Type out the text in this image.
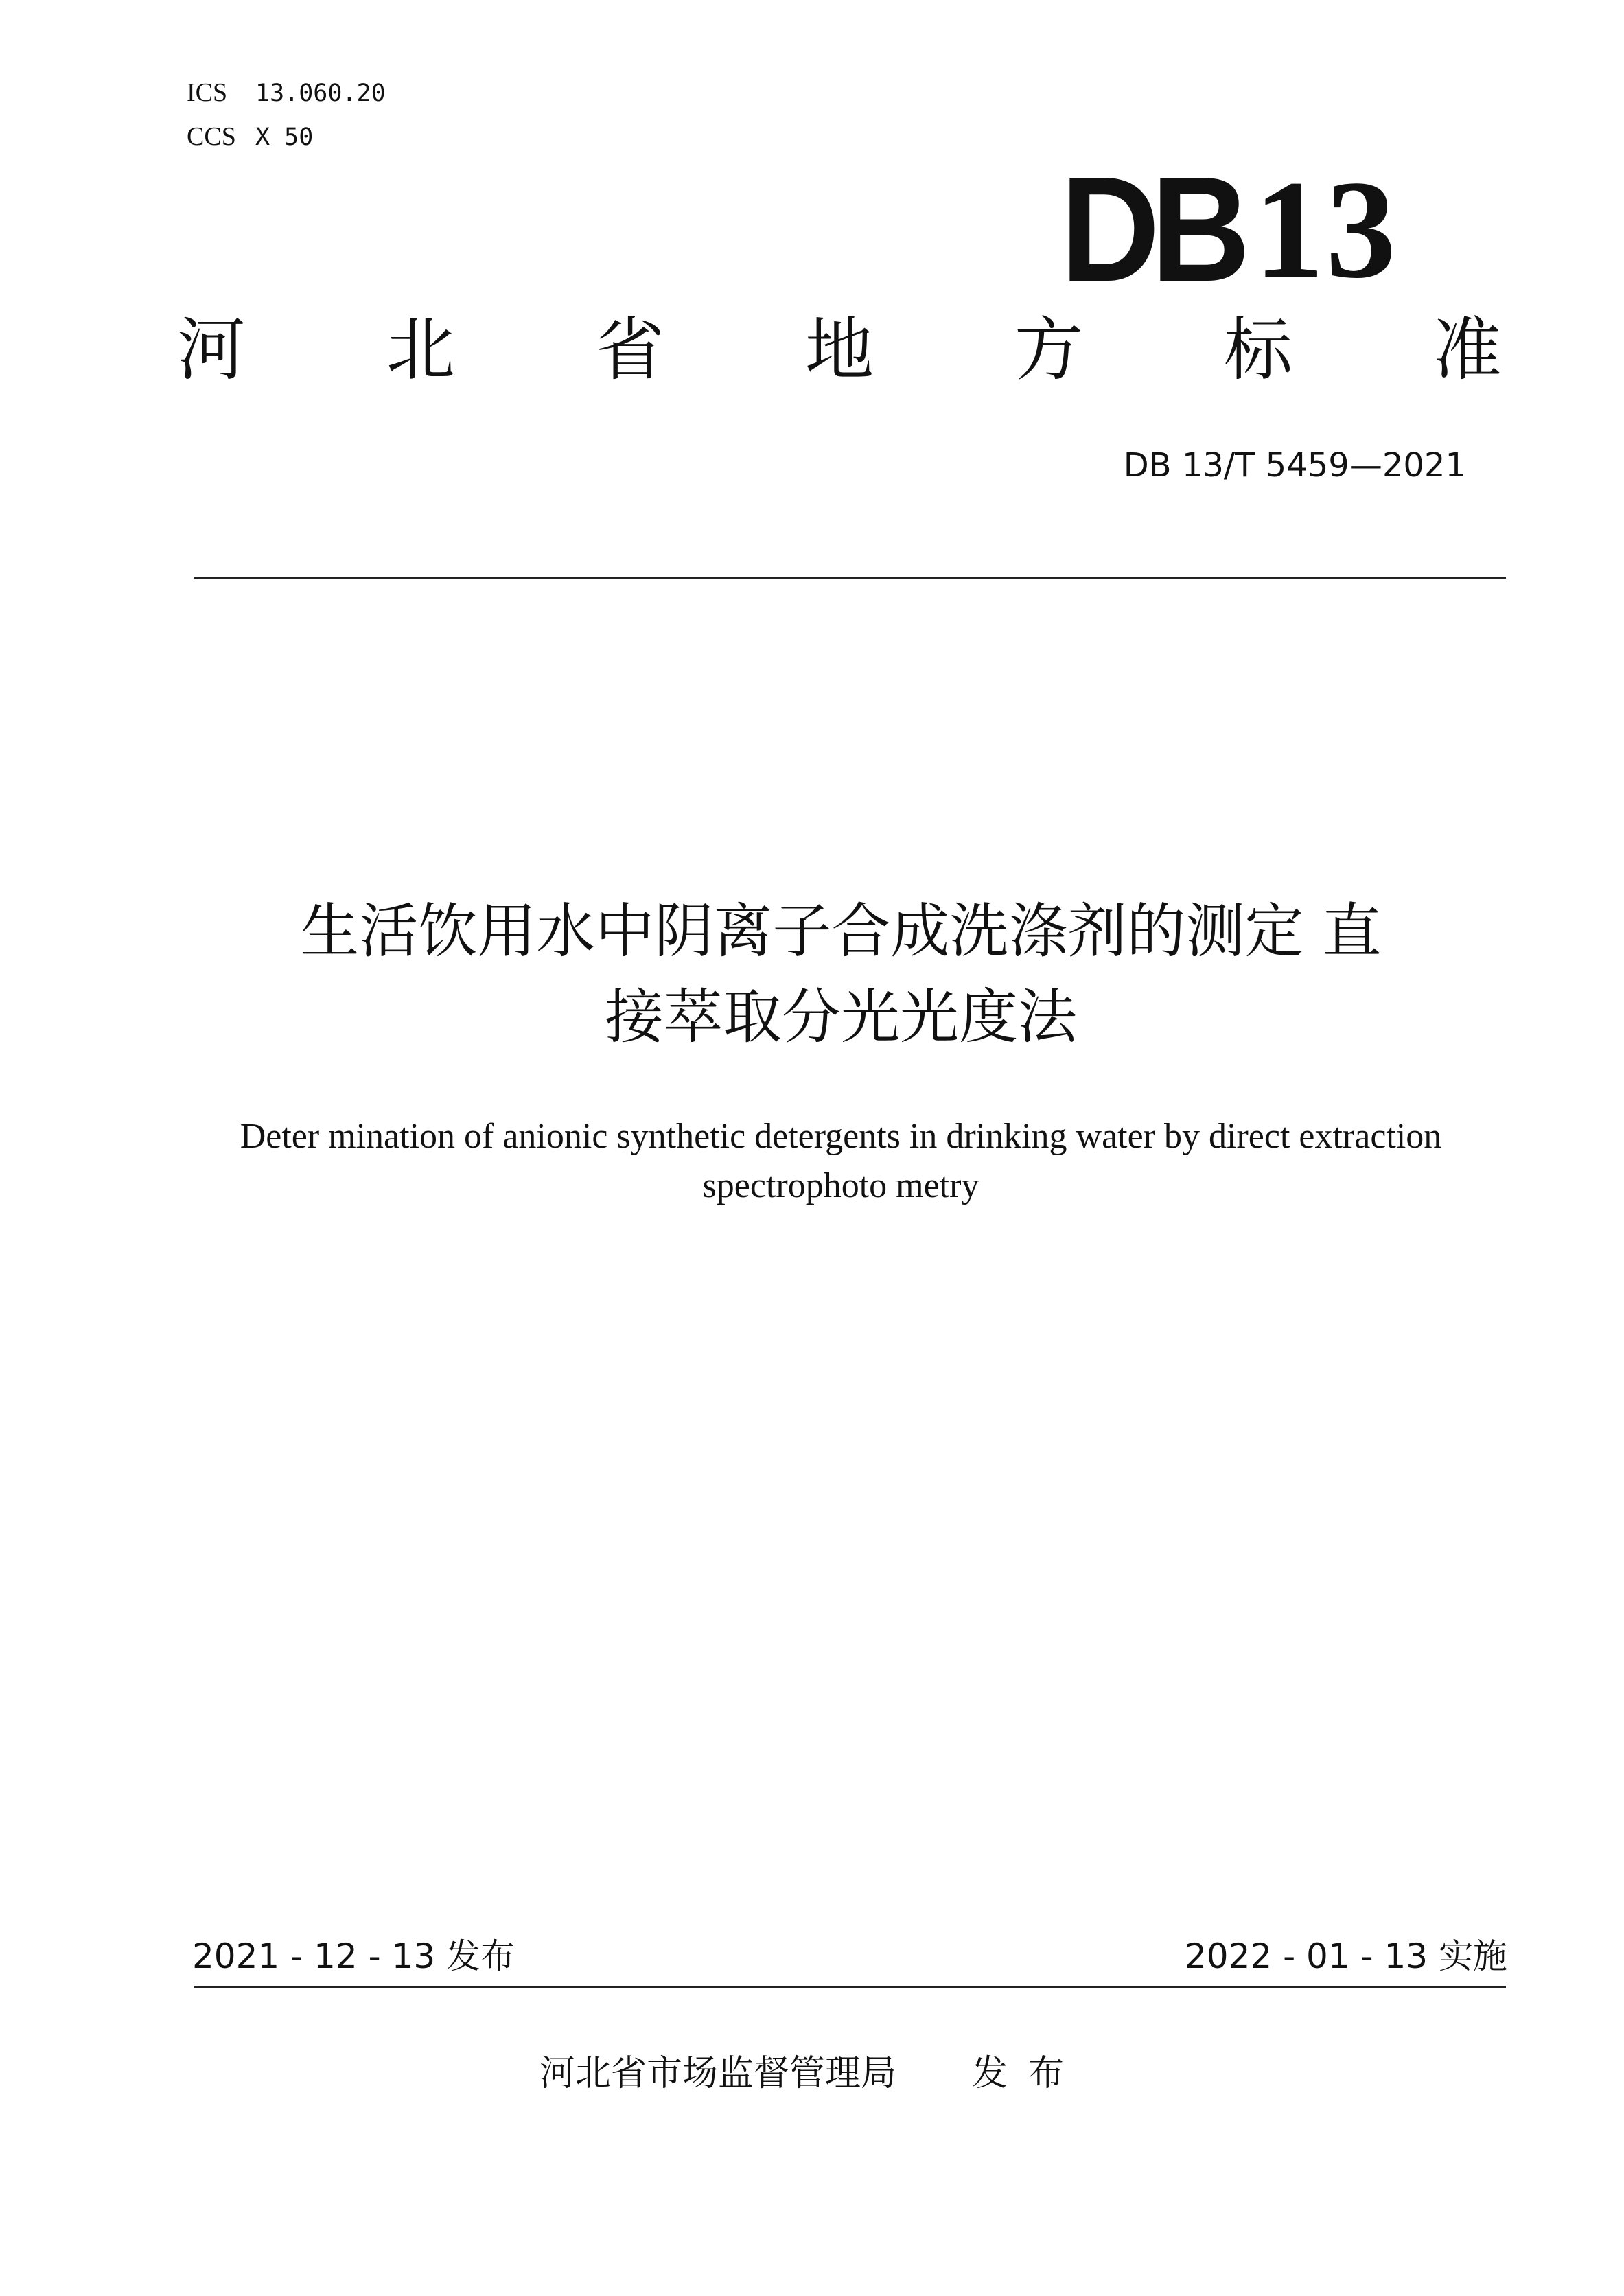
ICS 13.060.20
CCS X 50
DB 13
河 北 省 地 方 标 准
DB 13/T 5459—2021
生活饮用水中阴离子合成洗涤剂的测定 直
接萃取分光光度法
Deter mination of anionic synthetic detergents in drinking water by direct extraction
spectrophoto metry
2021 - 12 - 13 发布	2022 - 01 - 13 实施
河北省市场监督管理局 发布
